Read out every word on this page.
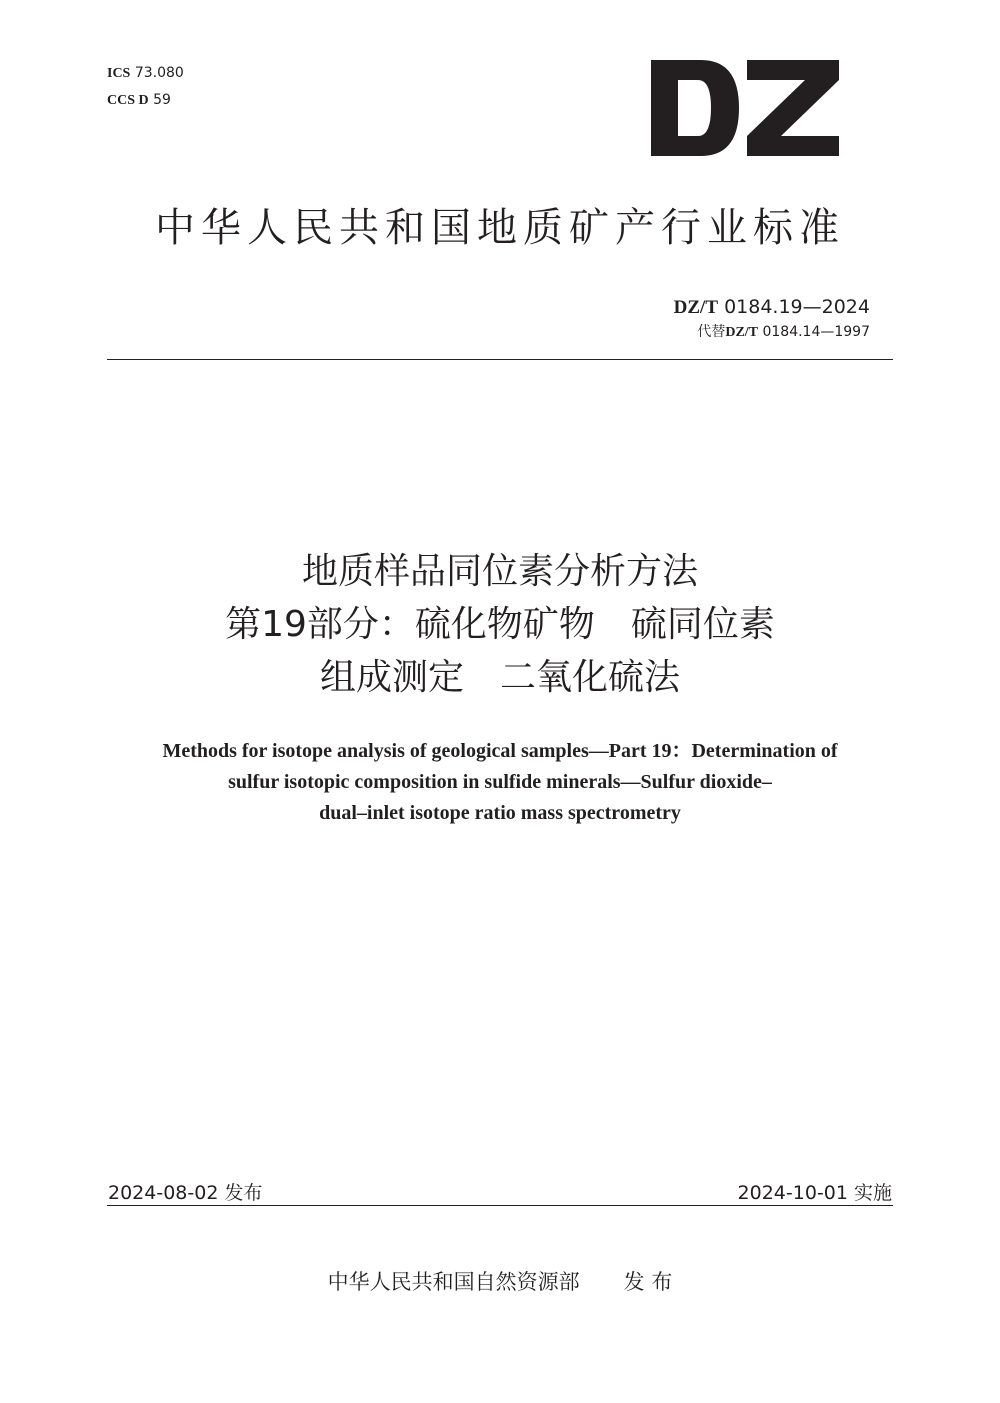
ICS 73.080
CCS D 59
中华人民共和国地质矿产行业标准
DZ/T 0184.19—2024
代替DZ/T 0184.14—1997
地质样品同位素分析方法
第19部分：硫化物矿物　硫同位素
组成测定　二氧化硫法
Methods for isotope analysis of geological samples—Part 19：Determination of
sulfur isotopic composition in sulfide minerals—Sulfur dioxide–
dual–inlet isotope ratio mass spectrometry
2024-08-02 发布	2024-10-01 实施
中华人民共和国自然资源部 发 布
